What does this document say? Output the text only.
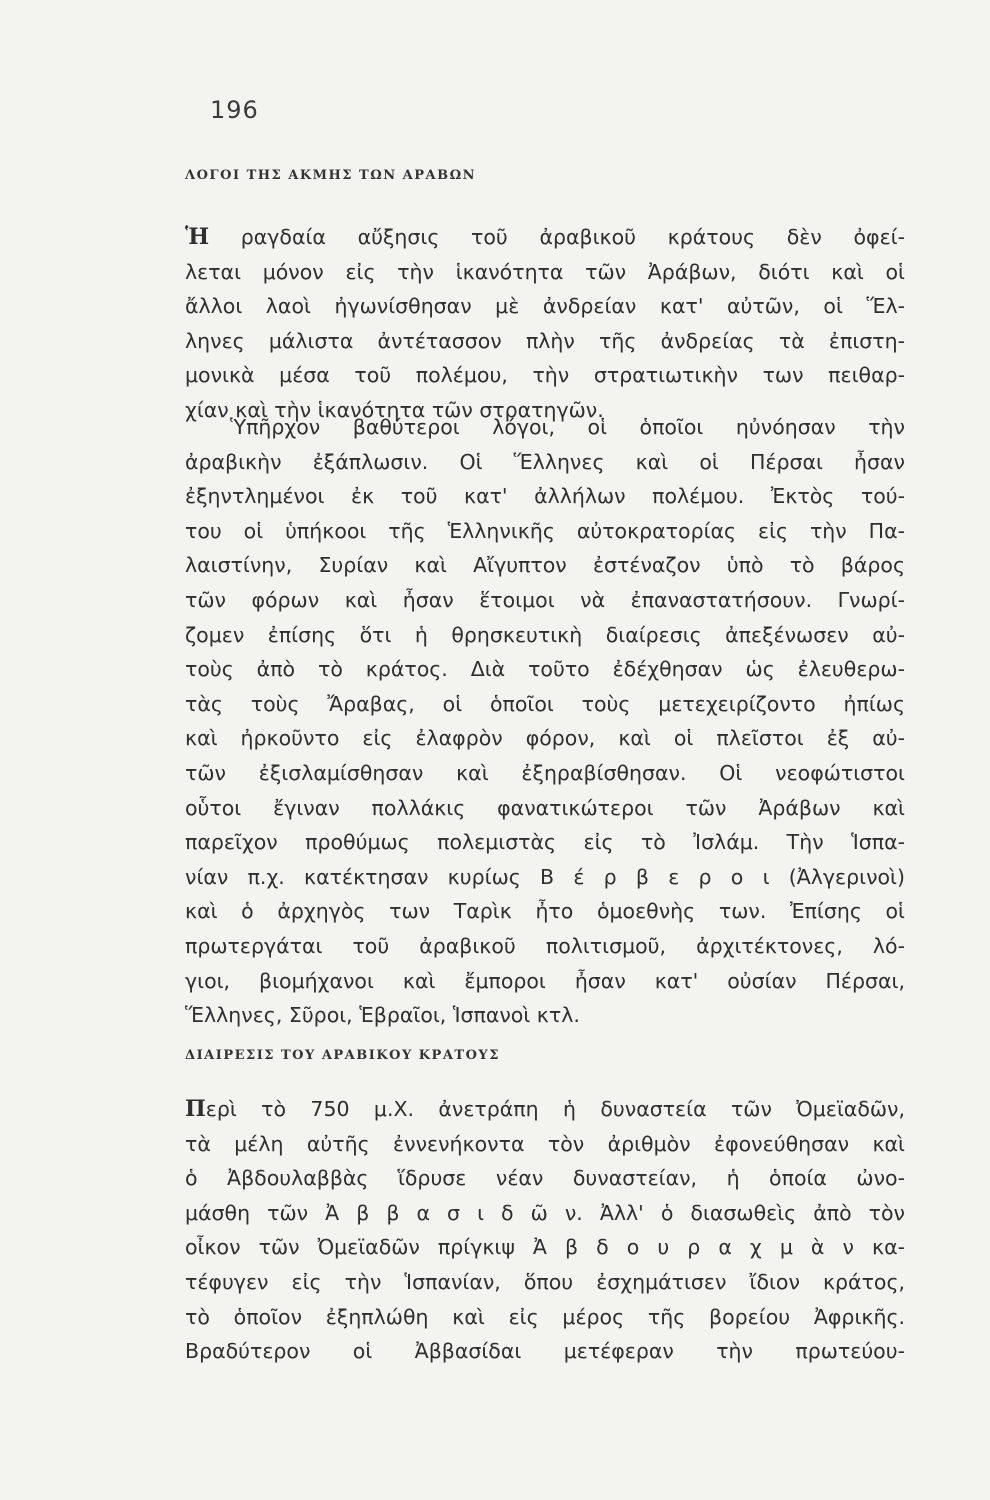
196
ΛΟΓΟΙ ΤΗΣ ΑΚΜΗΣ ΤΩΝ ΑΡΑΒΩΝ
Ἡ ραγδαία αὔξησις τοῦ ἀραβικοῦ κράτους δὲν ὀφεί-
λεται μόνον εἰς τὴν ἱκανότητα τῶν Ἀράβων, διότι καὶ οἱ
ἄλλοι λαοὶ ἠγωνίσθησαν μὲ ἀνδρείαν κατ' αὐτῶν, οἱ Ἕλ-
ληνες μάλιστα ἀντέτασσον πλὴν τῆς ἀνδρείας τὰ ἐπιστη-
μονικὰ μέσα τοῦ πολέμου, τὴν στρατιωτικὴν των πειθαρ-
χίαν καὶ τὴν ἱκανότητα τῶν στρατηγῶν.
Ὑπῆρχον βαθύτεροι λόγοι, οἱ ὁποῖοι ηὐνόησαν τὴν
ἀραβικὴν ἐξάπλωσιν. Οἱ Ἕλληνες καὶ οἱ Πέρσαι ἦσαν
ἐξηντλημένοι ἐκ τοῦ κατ' ἀλλήλων πολέμου. Ἐκτὸς τού-
του οἱ ὑπήκοοι τῆς Ἑλληνικῆς αὐτοκρατορίας εἰς τὴν Πα-
λαιστίνην, Συρίαν καὶ Αἴγυπτον ἐστέναζον ὑπὸ τὸ βάρος
τῶν φόρων καὶ ἦσαν ἕτοιμοι νὰ ἐπαναστατήσουν. Γνωρί-
ζομεν ἐπίσης ὅτι ἡ θρησκευτικὴ διαίρεσις ἀπεξένωσεν αὐ-
τοὺς ἀπὸ τὸ κράτος. Διὰ τοῦτο ἐδέχθησαν ὡς ἐλευθερω-
τὰς τοὺς Ἄραβας, οἱ ὁποῖοι τοὺς μετεχειρίζοντο ἠπίως
καὶ ἠρκοῦντο εἰς ἐλαφρὸν φόρον, καὶ οἱ πλεῖστοι ἐξ αὐ-
τῶν ἐξισλαμίσθησαν καὶ ἐξηραβίσθησαν. Οἱ νεοφώτιστοι
οὗτοι ἔγιναν πολλάκις φανατικώτεροι τῶν Ἀράβων καὶ
παρεῖχον προθύμως πολεμιστὰς εἰς τὸ Ἰσλάμ. Τὴν Ἱσπα-
νίαν π.χ. κατέκτησαν κυρίως Β έ ρ β ε ρ ο ι (Ἀλγερινοὶ)
καὶ ὁ ἀρχηγὸς των Ταρὶκ ἦτο ὁμοεθνὴς των. Ἐπίσης οἱ
πρωτεργάται τοῦ ἀραβικοῦ πολιτισμοῦ, ἀρχιτέκτονες, λό-
γιοι, βιομήχανοι καὶ ἔμποροι ἦσαν κατ' οὐσίαν Πέρσαι,
Ἕλληνες, Σῦροι, Ἑβραῖοι, Ἱσπανοὶ κτλ.
ΔΙΑΙΡΕΣΙΣ ΤΟΥ ΑΡΑΒΙΚΟΥ ΚΡΑΤΟΥΣ
Περὶ τὸ 750 μ.Χ. ἀνετράπη ἡ δυναστεία τῶν Ὀμεϊαδῶν,
τὰ μέλη αὐτῆς ἐννενήκοντα τὸν ἀριθμὸν ἐφονεύθησαν καὶ
ὁ Ἀβδουλαββὰς ἵδρυσε νέαν δυναστείαν, ἡ ὁποία ὠνο-
μάσθη τῶν Ἀ β β α σ ι δ ῶ ν. Ἀλλ' ὁ διασωθεὶς ἀπὸ τὸν
οἶκον τῶν Ὀμεϊαδῶν πρίγκιψ Ἀ β δ ο υ ρ α χ μ ὰ ν κα-
τέφυγεν εἰς τὴν Ἱσπανίαν, ὅπου ἐσχημάτισεν ἴδιον κράτος,
τὸ ὁποῖον ἐξηπλώθη καὶ εἰς μέρος τῆς βορείου Ἀφρικῆς.
Βραδύτερον οἱ Ἀββασίδαι μετέφεραν τὴν πρωτεύου-
